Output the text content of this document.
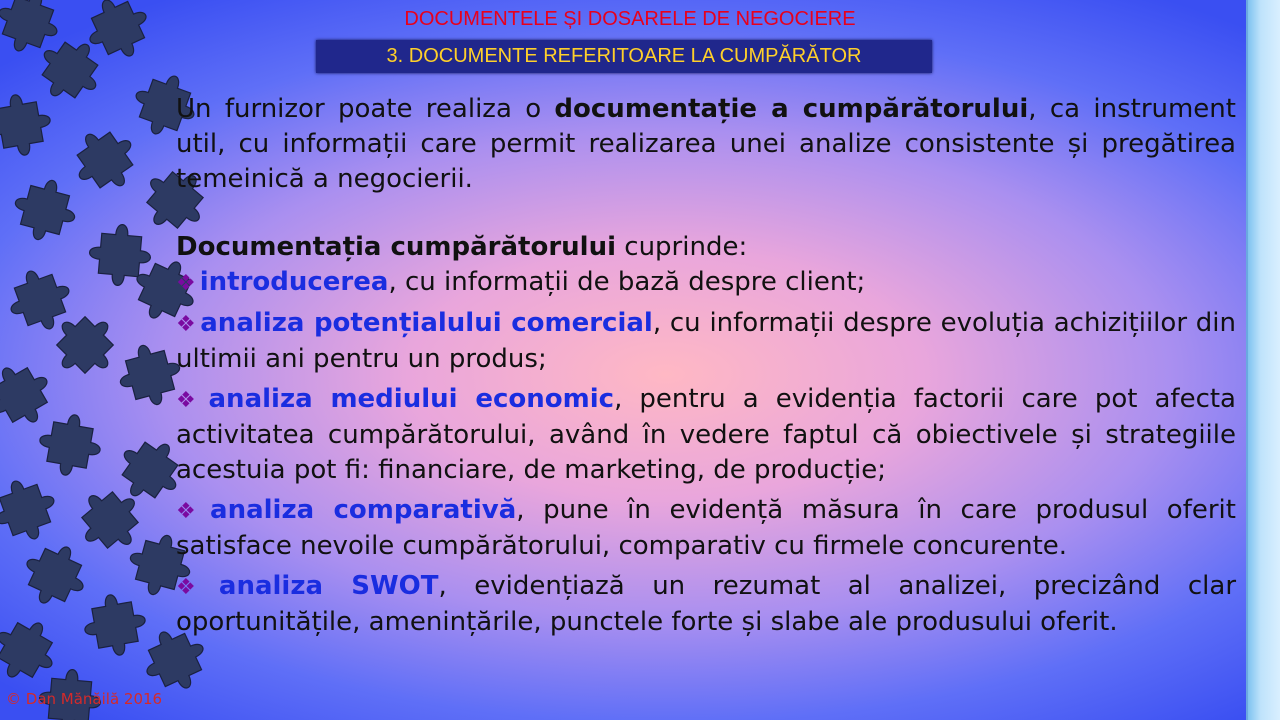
DOCUMENTELE ȘI DOSARELE DE NEGOCIERE
3. DOCUMENTE REFERITOARE LA CUMPĂRĂTOR

Un furnizor poate realiza o documentație a cumpărătorului, ca instrument util, cu informații care permit realizarea unei analize consistente și pregătirea temeinică a negocierii.

Documentația cumpărătorului cuprinde:

❖ introducerea, cu informații de bază despre client;

❖ analiza potențialului comercial, cu informații despre evoluția achizițiilor din ultimii ani pentru un produs;

❖ analiza mediului economic, pentru a evidenția factorii care pot afecta activitatea cumpărătorului, având în vedere faptul că obiectivele și strategiile acestuia pot fi: financiare, de marketing, de producție;

❖ analiza comparativă, pune în evidență măsura în care produsul oferit satisface nevoile cumpărătorului, comparativ cu firmele concurente.

❖ analiza SWOT, evidențiază un rezumat al analizei, precizând clar oportunitățile, amenințările, punctele forte și slabe ale produsului oferit.

© Dan Mănăilă 2016
